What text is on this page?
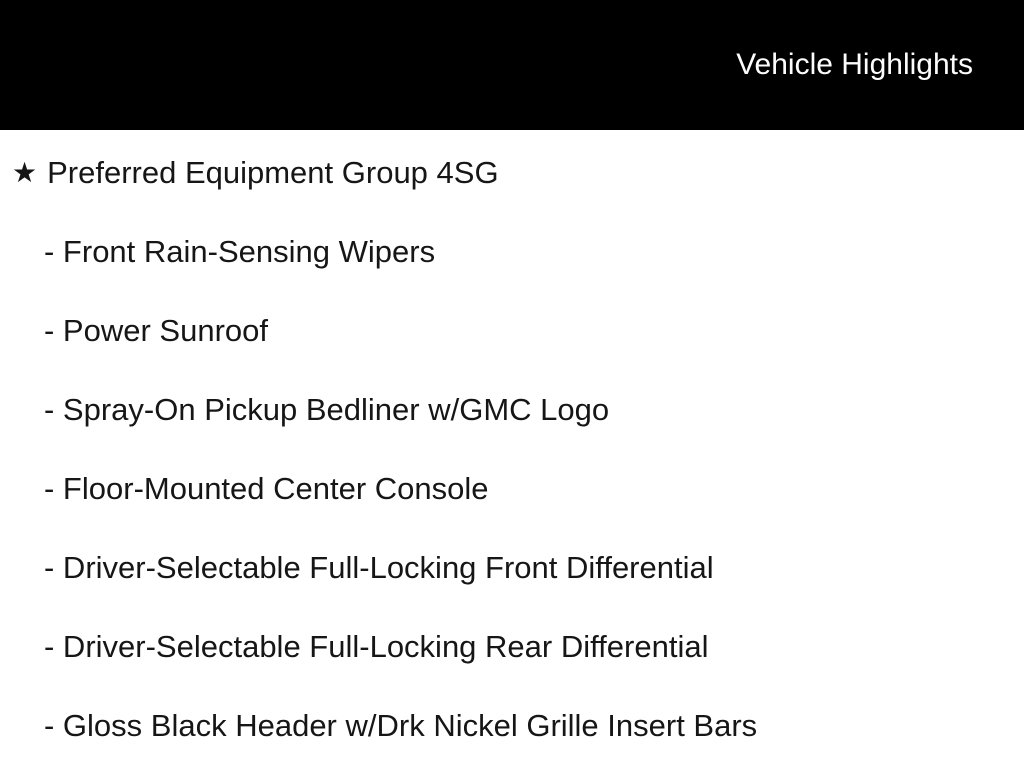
Vehicle Highlights
★ Preferred Equipment Group 4SG
- Front Rain-Sensing Wipers
- Power Sunroof
- Spray-On Pickup Bedliner w/GMC Logo
- Floor-Mounted Center Console
- Driver-Selectable Full-Locking Front Differential
- Driver-Selectable Full-Locking Rear Differential
- Gloss Black Header w/Drk Nickel Grille Insert Bars
